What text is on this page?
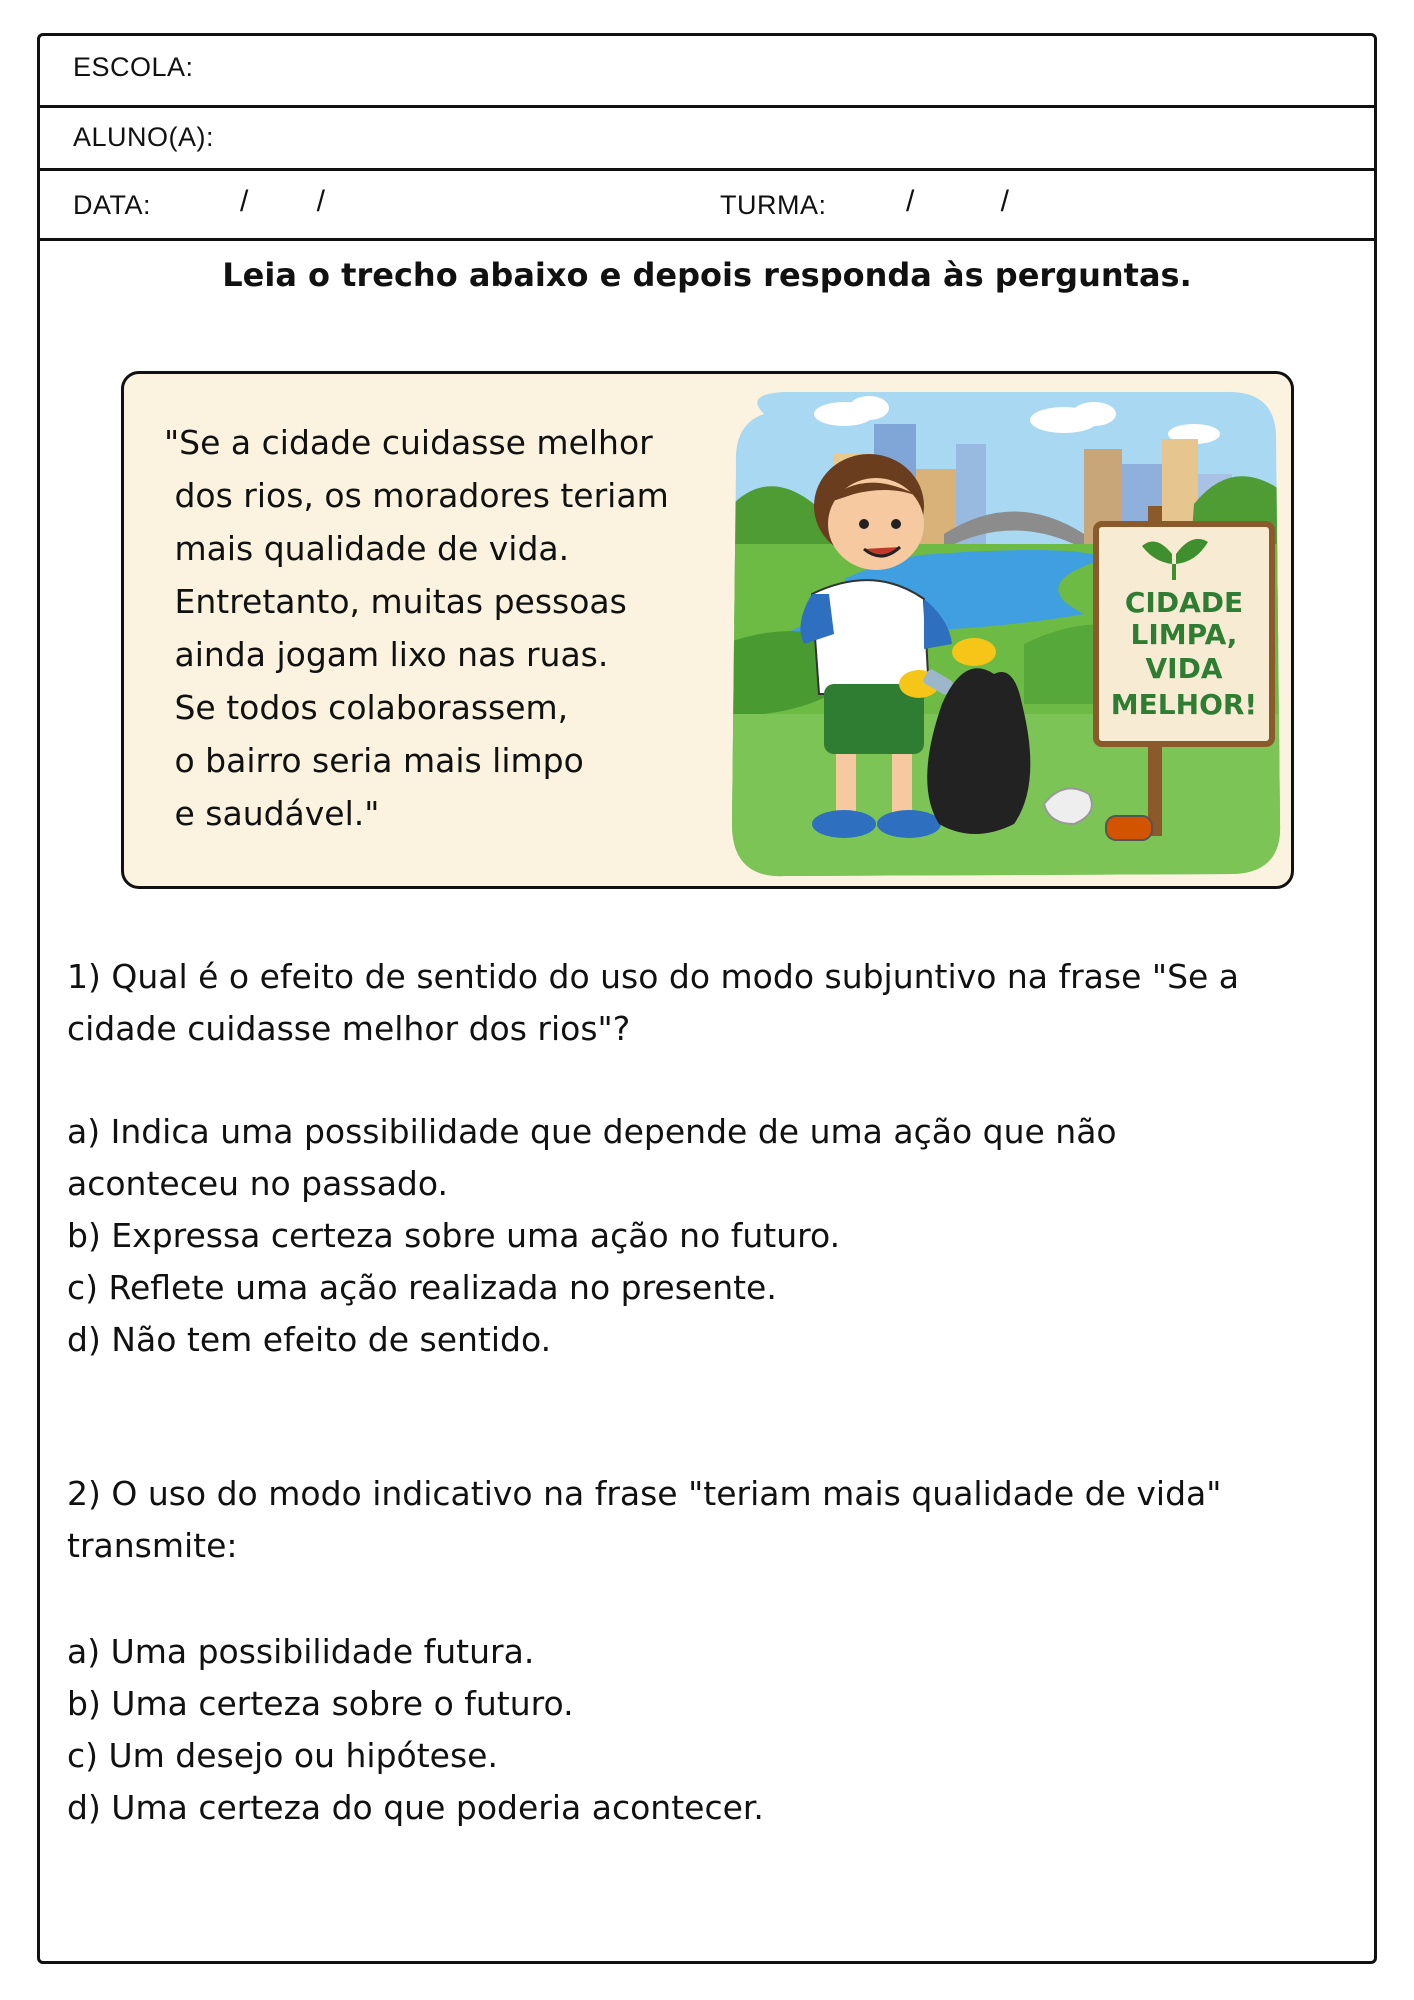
ESCOLA:
ALUNO(A):
DATA:	/ /	TURMA:	/ /
Leia o trecho abaixo e depois responda às perguntas.

"Se a cidade cuidasse melhor

dos rios, os moradores teriam

mais qualidade de vida.

Entretanto, muitas pessoas

ainda jogam lixo nas ruas.

Se todos colaborassem,

o bairro seria mais limpo

e saudável."

CIDADE
LIMPA,
VIDA
MELHOR!

1) Qual é o efeito de sentido do uso do modo subjuntivo na frase "Se a

cidade cuidasse melhor dos rios"?

a) Indica uma possibilidade que depende de uma ação que não

aconteceu no passado.

b) Expressa certeza sobre uma ação no futuro.

c) Reflete uma ação realizada no presente.

d) Não tem efeito de sentido.

2) O uso do modo indicativo na frase "teriam mais qualidade de vida"

transmite:

a) Uma possibilidade futura.

b) Uma certeza sobre o futuro.

c) Um desejo ou hipótese.

d) Uma certeza do que poderia acontecer.
